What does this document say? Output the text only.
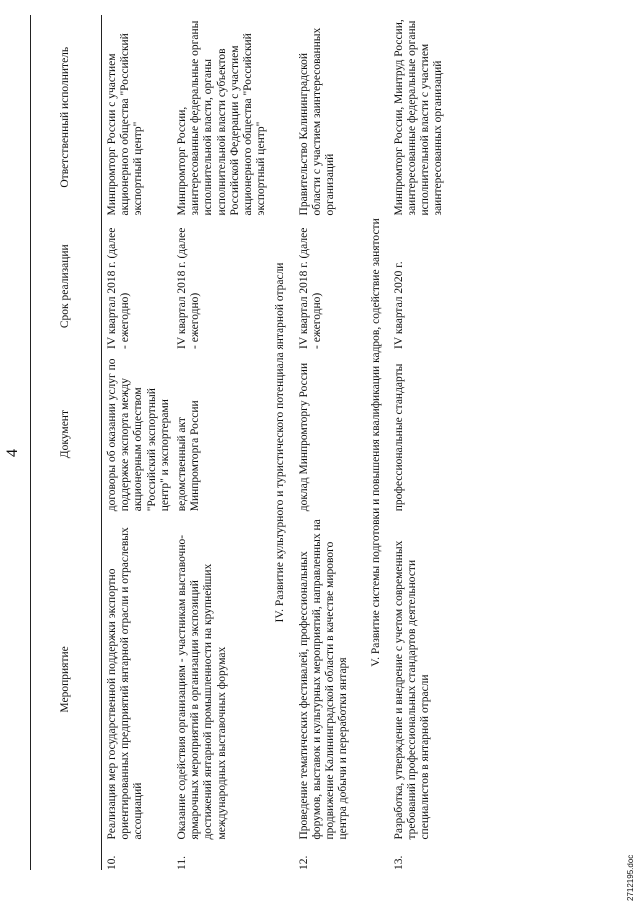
4
	Мероприятие	Документ	Срок реализации	Ответственный исполнитель
10.	Реализация мер государственной поддержки экспортно ориентированных предприятий янтарной отрасли и отраслевых ассоциаций	договоры об оказании услуг по поддержке экспорта между акционерным обществом "Российский экспортный центр" и экспортерами	IV квартал 2018 г. (далее - ежегодно)	Минпромторг России с участием акционерного общества "Российский экспортный центр"
11.	Оказание содействия организациям - участникам выставочно-ярмарочных мероприятий в организации экспозиций достижений янтарной промышленности на крупнейших международных выставочных форумах	ведомственный акт Минпромторга России	IV квартал 2018 г. (далее - ежегодно)	Минпромторг России, заинтересованные федеральные органы исполнительной власти, органы исполнительной власти субъектов Российской Федерации с участием акционерного общества "Российский экспортный центр"
IV. Развитие культурного и туристического потенциала янтарной отрасли				
12.	Проведение тематических фестивалей, профессиональных форумов, выставок и культурных мероприятий, направленных на продвижение Калининградской области в качестве мирового центра добычи и переработки янтаря	доклад Минпромторгу России	IV квартал 2018 г. (далее - ежегодно)	Правительство Калининградской области с участием заинтересованных организаций
V. Развитие системы подготовки и повышения квалификации кадров, содействие занятости				
13.	Разработка, утверждение и внедрение с учетом современных требований профессиональных стандартов деятельности специалистов в янтарной отрасли	профессиональные стандарты	IV квартал 2020 г.	Минпромторг России, Минтруд России, заинтересованные федеральные органы исполнительной власти с участием заинтересованных организаций
2712195.doc
